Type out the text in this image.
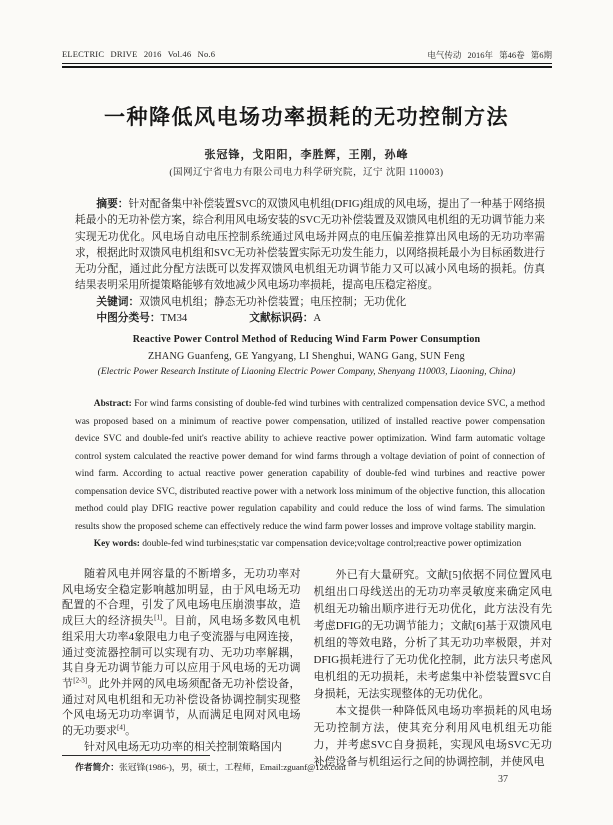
ELECTRIC DRIVE 2016 Vol.46 No.6	电气传动 2016年 第46卷 第6期
一种降低风电场功率损耗的无功控制方法
张冠锋，戈阳阳，李胜辉，王刚，孙峰
(国网辽宁省电力有限公司电力科学研究院，辽宁 沈阳 110003)

摘要：针对配备集中补偿装置SVC的双馈风电机组(DFIG)组成的风电场，提出了一种基于网络损耗最小的无功补偿方案，综合利用风电场安装的SVC无功补偿装置及双馈风电机组的无功调节能力来实现无功优化。风电场自动电压控制系统通过风电场并网点的电压偏差推算出风电场的无功功率需求，根据此时双馈风电机组和SVC无功补偿装置实际无功发生能力，以网络损耗最小为目标函数进行无功分配，通过此分配方法既可以发挥双馈风电机组无功调节能力又可以减小风电场的损耗。仿真结果表明采用所提策略能够有效地减少风电场功率损耗，提高电压稳定裕度。

关键词：双馈风电机组；静态无功补偿装置；电压控制；无功优化

中图分类号：TM34	文献标识码：A

Reactive Power Control Method of Reducing Wind Farm Power Consumption
ZHANG Guanfeng, GE Yangyang, LI Shenghui, WANG Gang, SUN Feng
(Electric Power Research Institute of Liaoning Electric Power Company, Shenyang 110003, Liaoning, China)

Abstract: For wind farms consisting of double-fed wind turbines with centralized compensation device SVC, a method was proposed based on a minimum of reactive power compensation, utilized of installed reactive power compensation device SVC and double-fed unit's reactive ability to achieve reactive power optimization. Wind farm automatic voltage control system calculated the reactive power demand for wind farms through a voltage deviation of point of connection of wind farm. According to actual reactive power generation capability of double-fed wind turbines and reactive power compensation device SVC, distributed reactive power with a network loss minimum of the objective function, this allocation method could play DFIG reactive power regulation capability and could reduce the loss of wind farms. The simulation results show the proposed scheme can effectively reduce the wind farm power losses and improve voltage stability margin.

Key words: double-fed wind turbines;static var compensation device;voltage control;reactive power optimization

随着风电并网容量的不断增多，无功功率对风电场安全稳定影响越加明显，由于风电场无功配置的不合理，引发了风电场电压崩溃事故，造成巨大的经济损失[1]。目前，风电场多数风电机组采用大功率4象限电力电子变流器与电网连接，通过变流器控制可以实现有功、无功功率解耦，其自身无功调节能力可以应用于风电场的无功调节[2-3]。此外并网的风电场须配备无功补偿设备，通过对风电机组和无功补偿设备协调控制实现整个风电场无功功率调节，从而满足电网对风电场的无功要求[4]。

针对风电场无功功率的相关控制策略国内

外已有大量研究。文献[5]依据不同位置风电机组出口母线送出的无功功率灵敏度来确定风电机组无功输出顺序进行无功优化，此方法没有先考虑DFIG的无功调节能力；文献[6]基于双馈风电机组的等效电路，分析了其无功功率极限，并对DFIG损耗进行了无功优化控制，此方法只考虑风电机组的无功损耗，未考虑集中补偿装置SVC自身损耗，无法实现整体的无功优化。

本文提供一种降低风电场功率损耗的风电场无功控制方法，使其充分利用风电机组无功能力，并考虑SVC自身损耗，实现风电场SVC无功补偿设备与机组运行之间的协调控制，并使风电

作者简介：张冠锋(1986-)，男，硕士，工程师，Email:zguanf@126.com
37
